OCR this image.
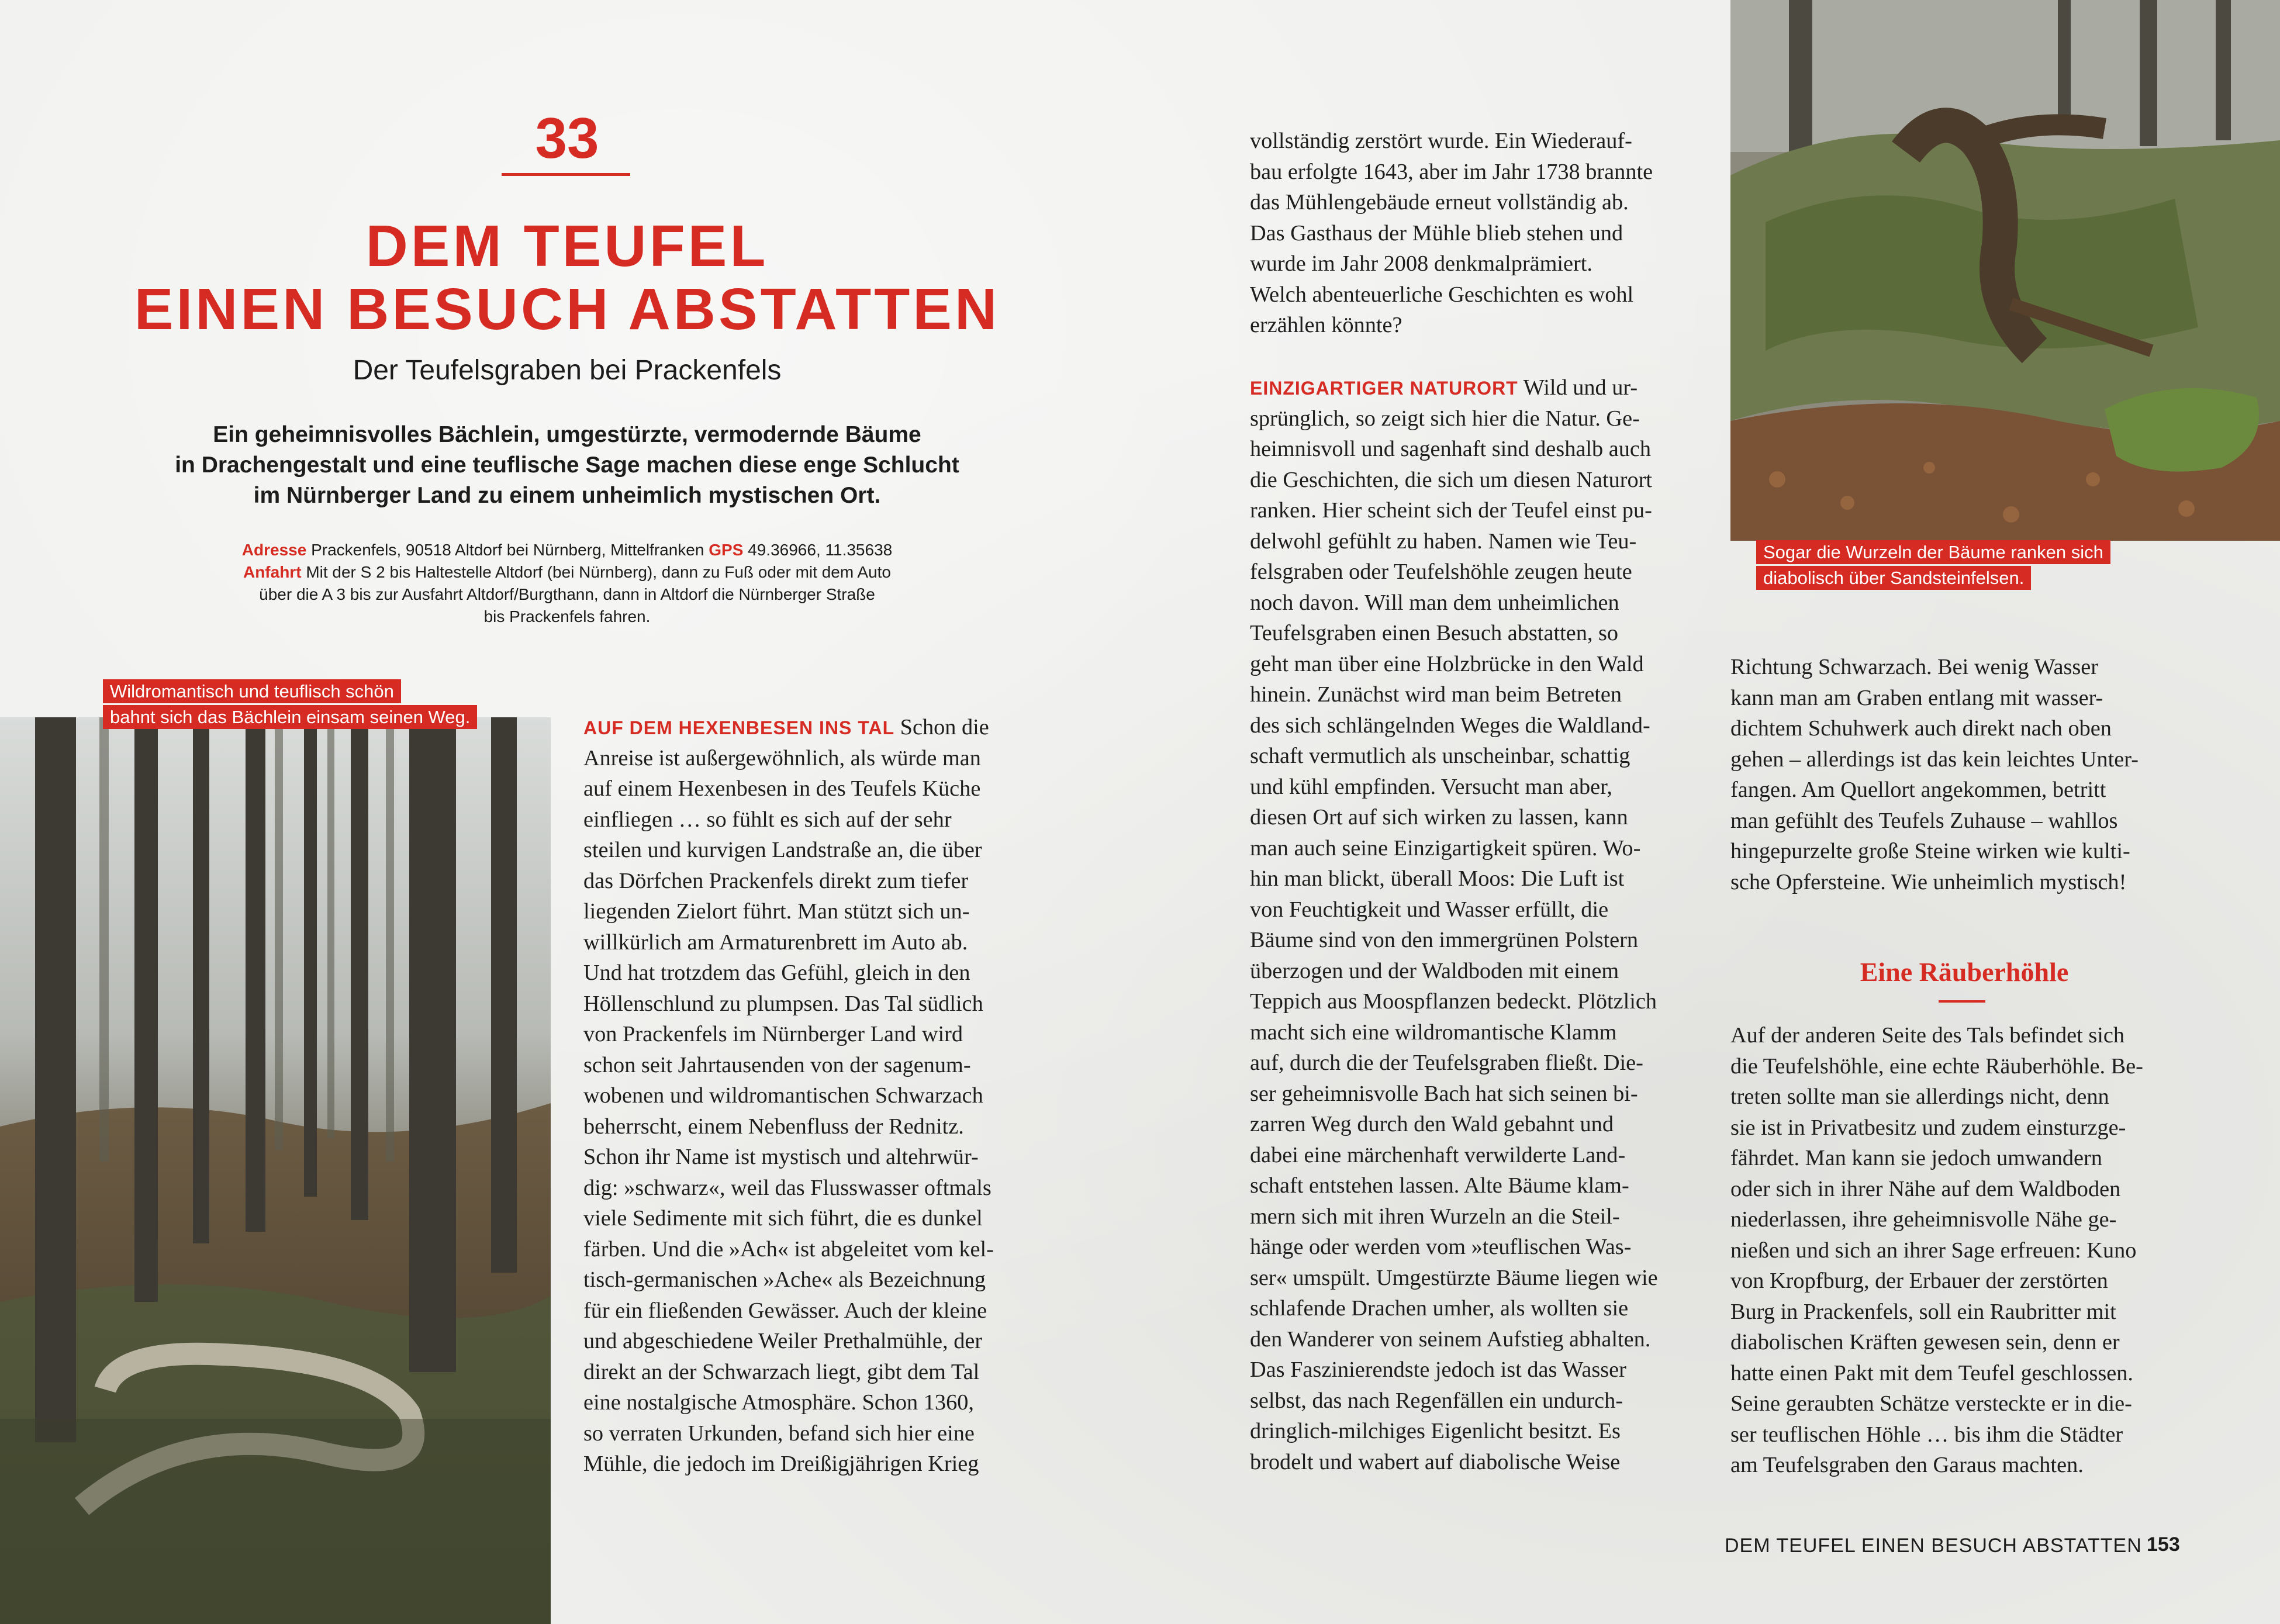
33
DEM TEUFEL
EINEN BESUCH ABSTATTEN
Der Teufelsgraben bei Prackenfels
Ein geheimnisvolles Bächlein, umgestürzte, vermodernde Bäume
in Drachengestalt und eine teuflische Sage machen diese enge Schlucht
im Nürnberger Land zu einem unheimlich mystischen Ort.
Adresse Prackenfels, 90518 Altdorf bei Nürnberg, Mittelfranken GPS 49.36966, 11.35638
Anfahrt Mit der S 2 bis Haltestelle Altdorf (bei Nürnberg), dann zu Fuß oder mit dem Auto
über die A 3 bis zur Ausfahrt Altdorf/Burgthann, dann in Altdorf die Nürnberger Straße
bis Prackenfels fahren.
Wildromantisch und teuflisch schön
bahnt sich das Bächlein einsam seinen Weg.
Sogar die Wurzeln der Bäume ranken sich
diabolisch über Sandsteinfelsen.
AUF DEM HEXENBESEN INS TAL Schon die
Anreise ist außergewöhnlich, als würde man
auf einem Hexenbesen in des Teufels Küche
einfliegen … so fühlt es sich auf der sehr
steilen und kurvigen Landstraße an, die über
das Dörfchen Prackenfels direkt zum tiefer
liegenden Zielort führt. Man stützt sich un-
willkürlich am Armaturenbrett im Auto ab.
Und hat trotzdem das Gefühl, gleich in den
Höllenschlund zu plumpsen. Das Tal südlich
von Prackenfels im Nürnberger Land wird
schon seit Jahrtausenden von der sagenum-
wobenen und wildromantischen Schwarzach
beherrscht, einem Nebenfluss der Rednitz.
Schon ihr Name ist mystisch und altehrwür-
dig: »schwarz«, weil das Flusswasser oftmals
viele Sedimente mit sich führt, die es dunkel
färben. Und die »Ach« ist abgeleitet vom kel-
tisch-germanischen »Ache« als Bezeichnung
für ein fließenden Gewässer. Auch der kleine
und abgeschiedene Weiler Prethalmühle, der
direkt an der Schwarzach liegt, gibt dem Tal
eine nostalgische Atmosphäre. Schon 1360,
so verraten Urkunden, befand sich hier eine
Mühle, die jedoch im Dreißigjährigen Krieg
vollständig zerstört wurde. Ein Wiederauf-
bau erfolgte 1643, aber im Jahr 1738 brannte
das Mühlengebäude erneut vollständig ab.
Das Gasthaus der Mühle blieb stehen und
wurde im Jahr 2008 denkmalprämiert.
Welch abenteuerliche Geschichten es wohl
erzählen könnte?
EINZIGARTIGER NATURORT Wild und ur-
sprünglich, so zeigt sich hier die Natur. Ge-
heimnisvoll und sagenhaft sind deshalb auch
die Geschichten, die sich um diesen Naturort
ranken. Hier scheint sich der Teufel einst pu-
delwohl gefühlt zu haben. Namen wie Teu-
felsgraben oder Teufelshöhle zeugen heute
noch davon. Will man dem unheimlichen
Teufelsgraben einen Besuch abstatten, so
geht man über eine Holzbrücke in den Wald
hinein. Zunächst wird man beim Betreten
des sich schlängelnden Weges die Waldland-
schaft vermutlich als unscheinbar, schattig
und kühl empfinden. Versucht man aber,
diesen Ort auf sich wirken zu lassen, kann
man auch seine Einzigartigkeit spüren. Wo-
hin man blickt, überall Moos: Die Luft ist
von Feuchtigkeit und Wasser erfüllt, die
Bäume sind von den immergrünen Polstern
überzogen und der Waldboden mit einem
Teppich aus Moospflanzen bedeckt. Plötzlich
macht sich eine wildromantische Klamm
auf, durch die der Teufelsgraben fließt. Die-
ser geheimnisvolle Bach hat sich seinen bi-
zarren Weg durch den Wald gebahnt und
dabei eine märchenhaft verwilderte Land-
schaft entstehen lassen. Alte Bäume klam-
mern sich mit ihren Wurzeln an die Steil-
hänge oder werden vom »teuflischen Was-
ser« umspült. Umgestürzte Bäume liegen wie
schlafende Drachen umher, als wollten sie
den Wanderer von seinem Aufstieg abhalten.
Das Faszinierendste jedoch ist das Wasser
selbst, das nach Regenfällen ein undurch-
dringlich-milchiges Eigenlicht besitzt. Es
brodelt und wabert auf diabolische Weise
Richtung Schwarzach. Bei wenig Wasser
kann man am Graben entlang mit wasser-
dichtem Schuhwerk auch direkt nach oben
gehen – allerdings ist das kein leichtes Unter-
fangen. Am Quellort angekommen, betritt
man gefühlt des Teufels Zuhause – wahllos
hingepurzelte große Steine wirken wie kulti-
sche Opfersteine. Wie unheimlich mystisch!
Eine Räuberhöhle
Auf der anderen Seite des Tals befindet sich
die Teufelshöhle, eine echte Räuberhöhle. Be-
treten sollte man sie allerdings nicht, denn
sie ist in Privatbesitz und zudem einsturzge-
fährdet. Man kann sie jedoch umwandern
oder sich in ihrer Nähe auf dem Waldboden
niederlassen, ihre geheimnisvolle Nähe ge-
nießen und sich an ihrer Sage erfreuen: Kuno
von Kropfburg, der Erbauer der zerstörten
Burg in Prackenfels, soll ein Raubritter mit
diabolischen Kräften gewesen sein, denn er
hatte einen Pakt mit dem Teufel geschlossen.
Seine geraubten Schätze versteckte er in die-
ser teuflischen Höhle … bis ihm die Städter
am Teufelsgraben den Garaus machten.
DEM TEUFEL EINEN BESUCH ABSTATTEN 153
